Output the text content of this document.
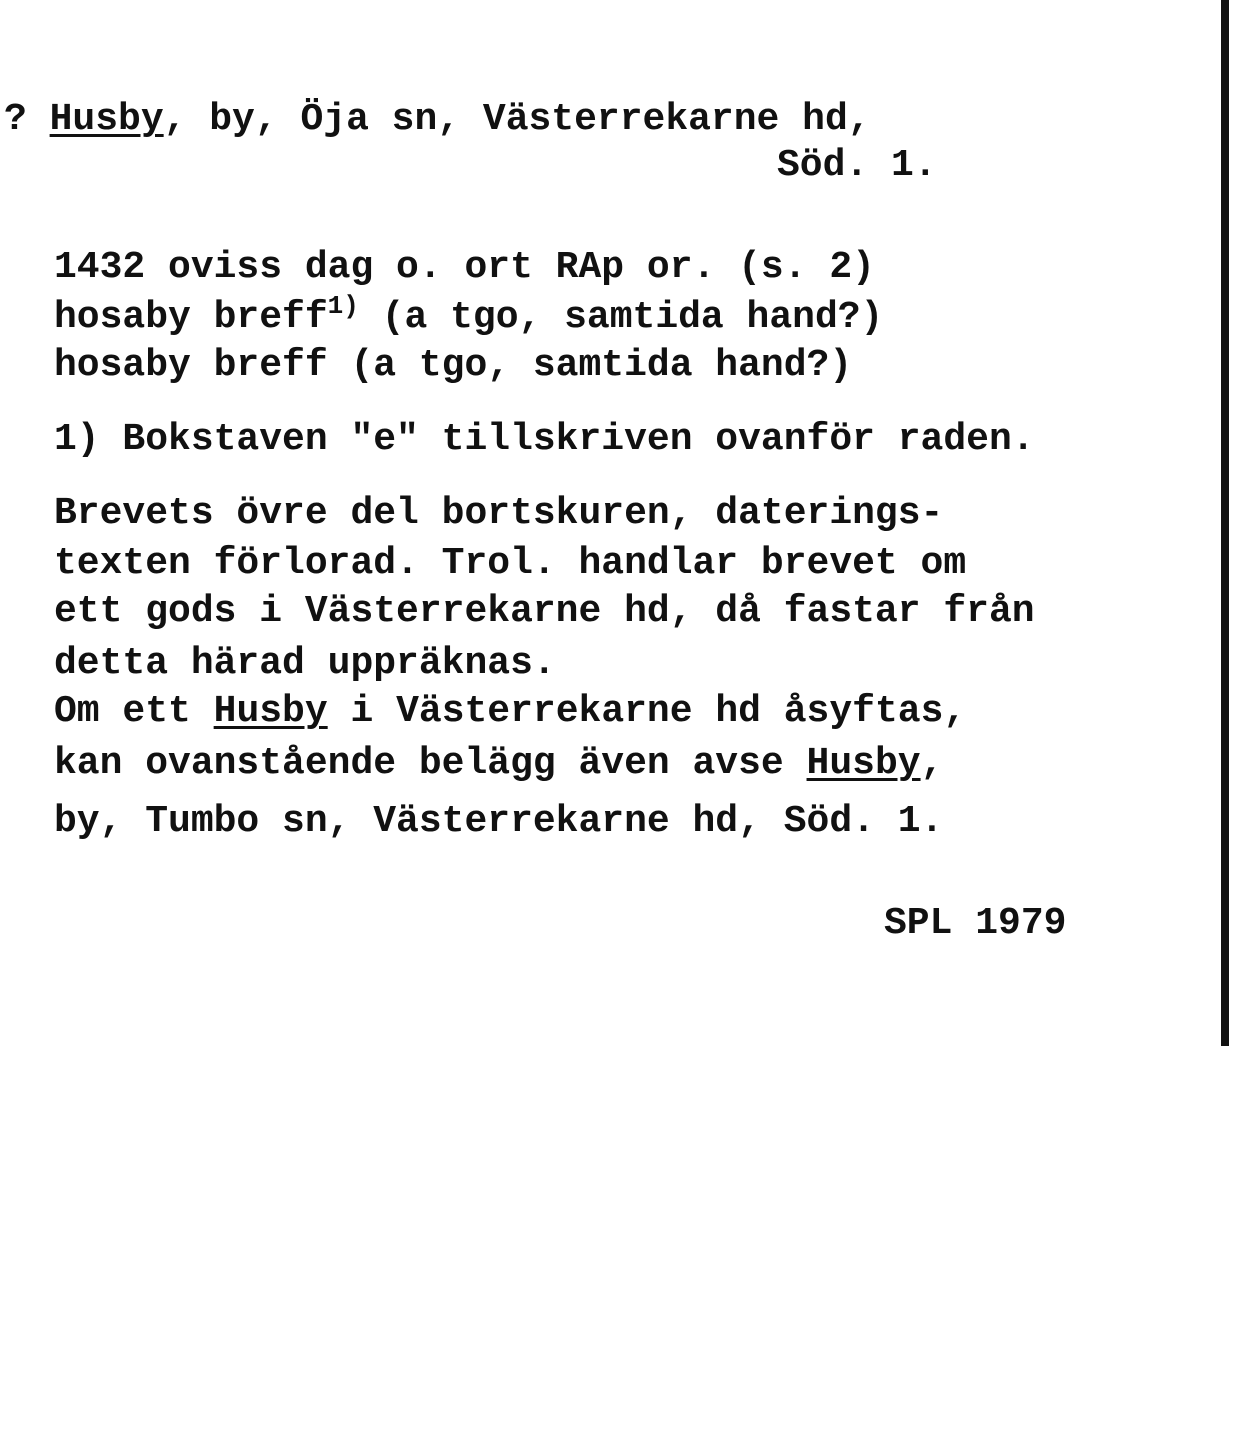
? Husby, by, Öja sn, Västerrekarne hd,

Söd. 1.

1432 oviss dag o. ort RAp or. (s. 2)

hosaby breff$^{1)}$ (a tgo, samtida hand?)

hosaby breff (a tgo, samtida hand?)

1) Bokstaven "e" tillskriven ovanför raden.

Brevets övre del bortskuren, daterings-

texten förlorad. Trol. handlar brevet om

ett gods i Västerrekarne hd, då fastar från

detta härad uppräknas.

Om ett Husby i Västerrekarne hd åsyftas,

kan ovanstående belägg även avse Husby,

by, Tumbo sn, Västerrekarne hd, Söd. 1.

SPL 1979
